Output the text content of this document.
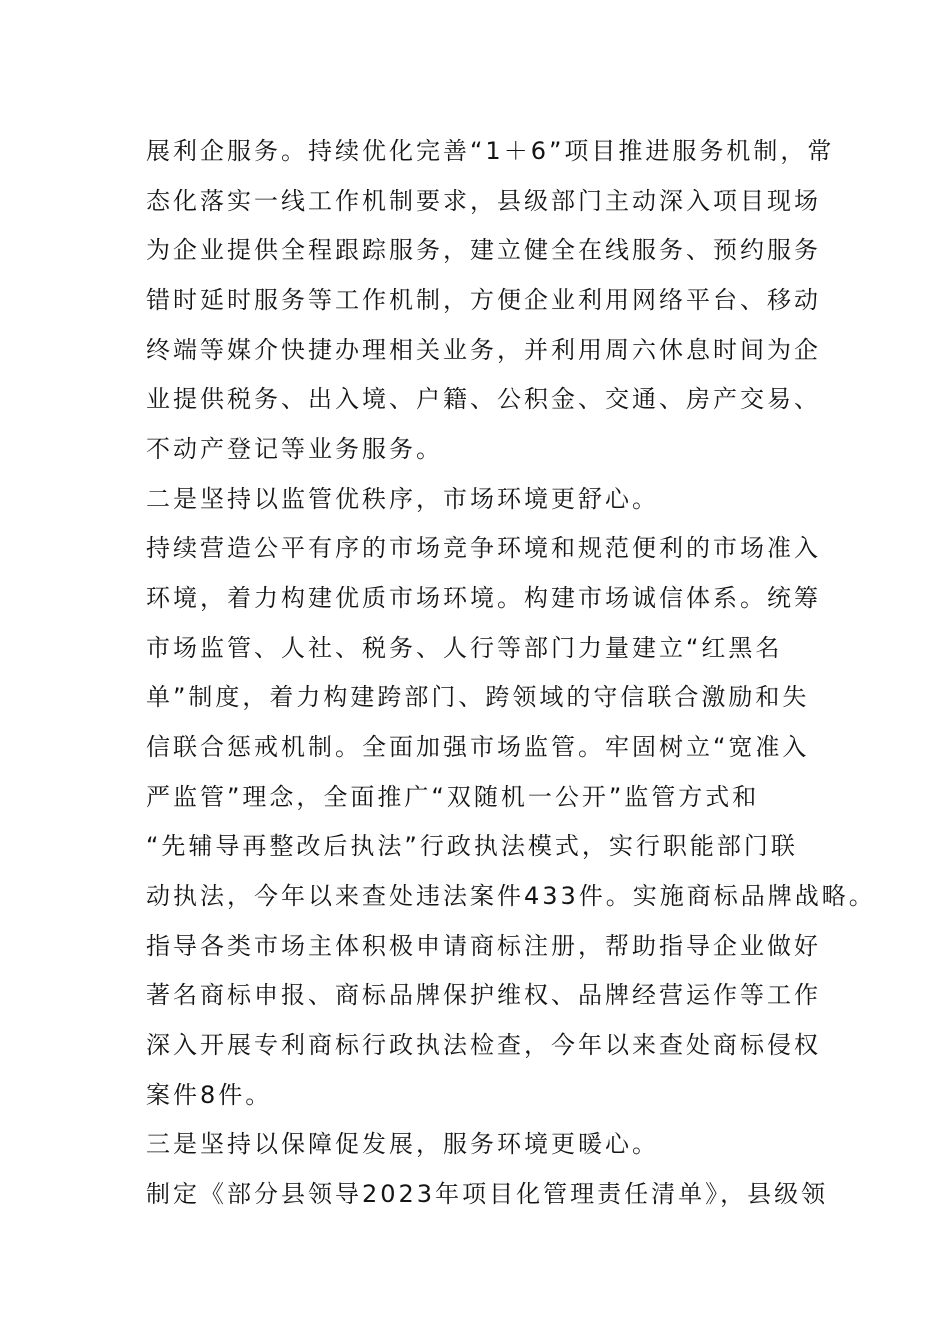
展利企服务。持续优化完善“1＋6”项目推进服务机制，常

态化落实一线工作机制要求，县级部门主动深入项目现场

为企业提供全程跟踪服务，建立健全在线服务、预约服务

错时延时服务等工作机制，方便企业利用网络平台、移动

终端等媒介快捷办理相关业务，并利用周六休息时间为企

业提供税务、出入境、户籍、公积金、交通、房产交易、

不动产登记等业务服务。

二是坚持以监管优秩序，市场环境更舒心。

持续营造公平有序的市场竞争环境和规范便利的市场准入

环境，着力构建优质市场环境。构建市场诚信体系。统筹

市场监管、人社、税务、人行等部门力量建立“红黑名

单”制度，着力构建跨部门、跨领域的守信联合激励和失

信联合惩戒机制。全面加强市场监管。牢固树立“宽准入

严监管”理念，全面推广“双随机一公开”监管方式和

“先辅导再整改后执法”行政执法模式，实行职能部门联

动执法，今年以来查处违法案件433件。实施商标品牌战略。

指导各类市场主体积极申请商标注册，帮助指导企业做好

著名商标申报、商标品牌保护维权、品牌经营运作等工作

深入开展专利商标行政执法检查，今年以来查处商标侵权

案件8件。

三是坚持以保障促发展，服务环境更暖心。

制定《部分县领导2023年项目化管理责任清单》，县级领
